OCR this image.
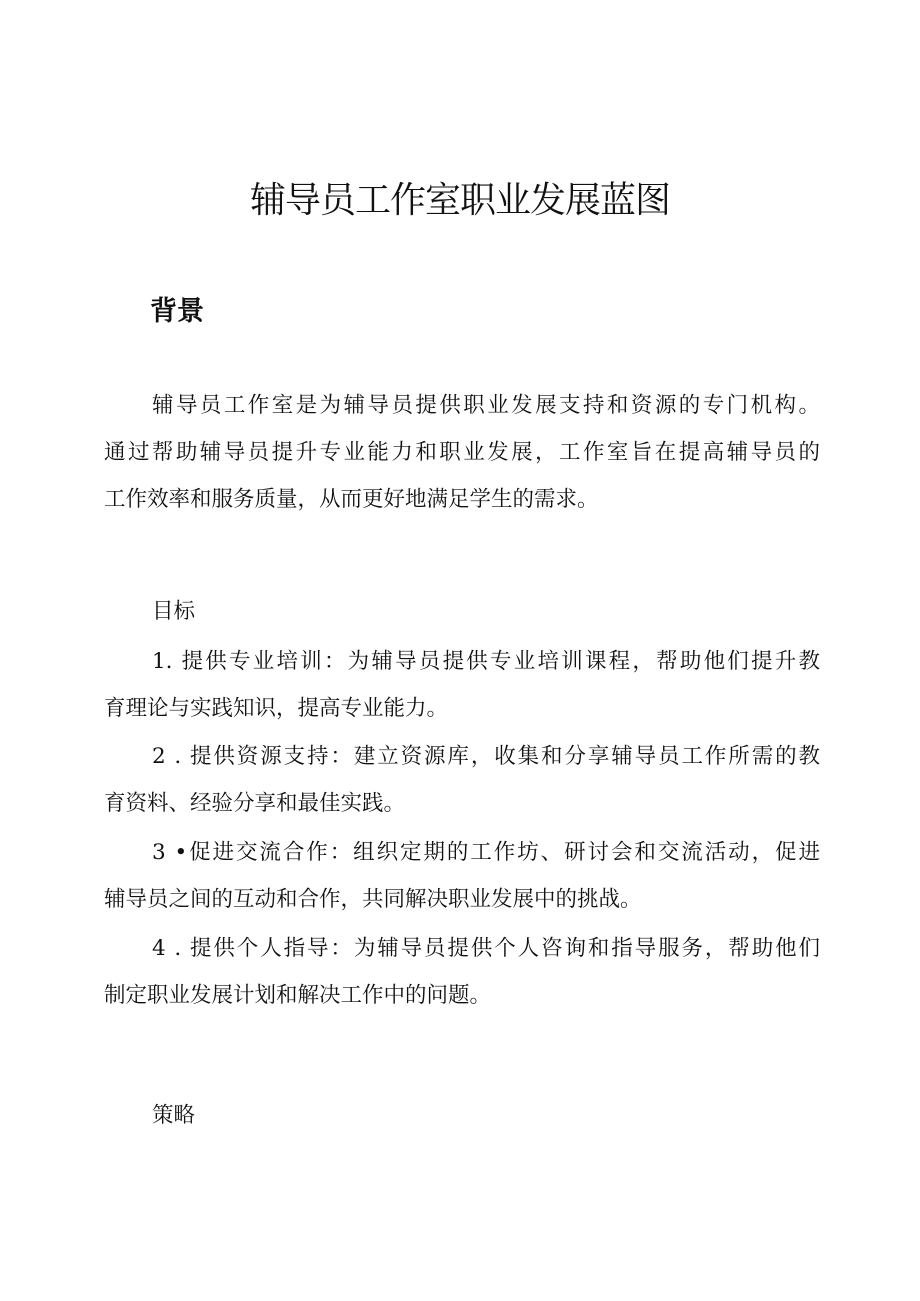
辅导员工作室职业发展蓝图
背景
辅导员工作室是为辅导员提供职业发展支持和资源的专门机构。
通过帮助辅导员提升专业能力和职业发展，工作室旨在提高辅导员的
工作效率和服务质量，从而更好地满足学生的需求。

目标

1. 提供专业培训：为辅导员提供专业培训课程，帮助他们提升教
育理论与实践知识，提高专业能力。
2 . 提供资源支持：建立资源库，收集和分享辅导员工作所需的教
育资料、经验分享和最佳实践。
3 •促进交流合作：组织定期的工作坊、研讨会和交流活动，促进
辅导员之间的互动和合作，共同解决职业发展中的挑战。
4 . 提供个人指导：为辅导员提供个人咨询和指导服务，帮助他们
制定职业发展计划和解决工作中的问题。

策略
